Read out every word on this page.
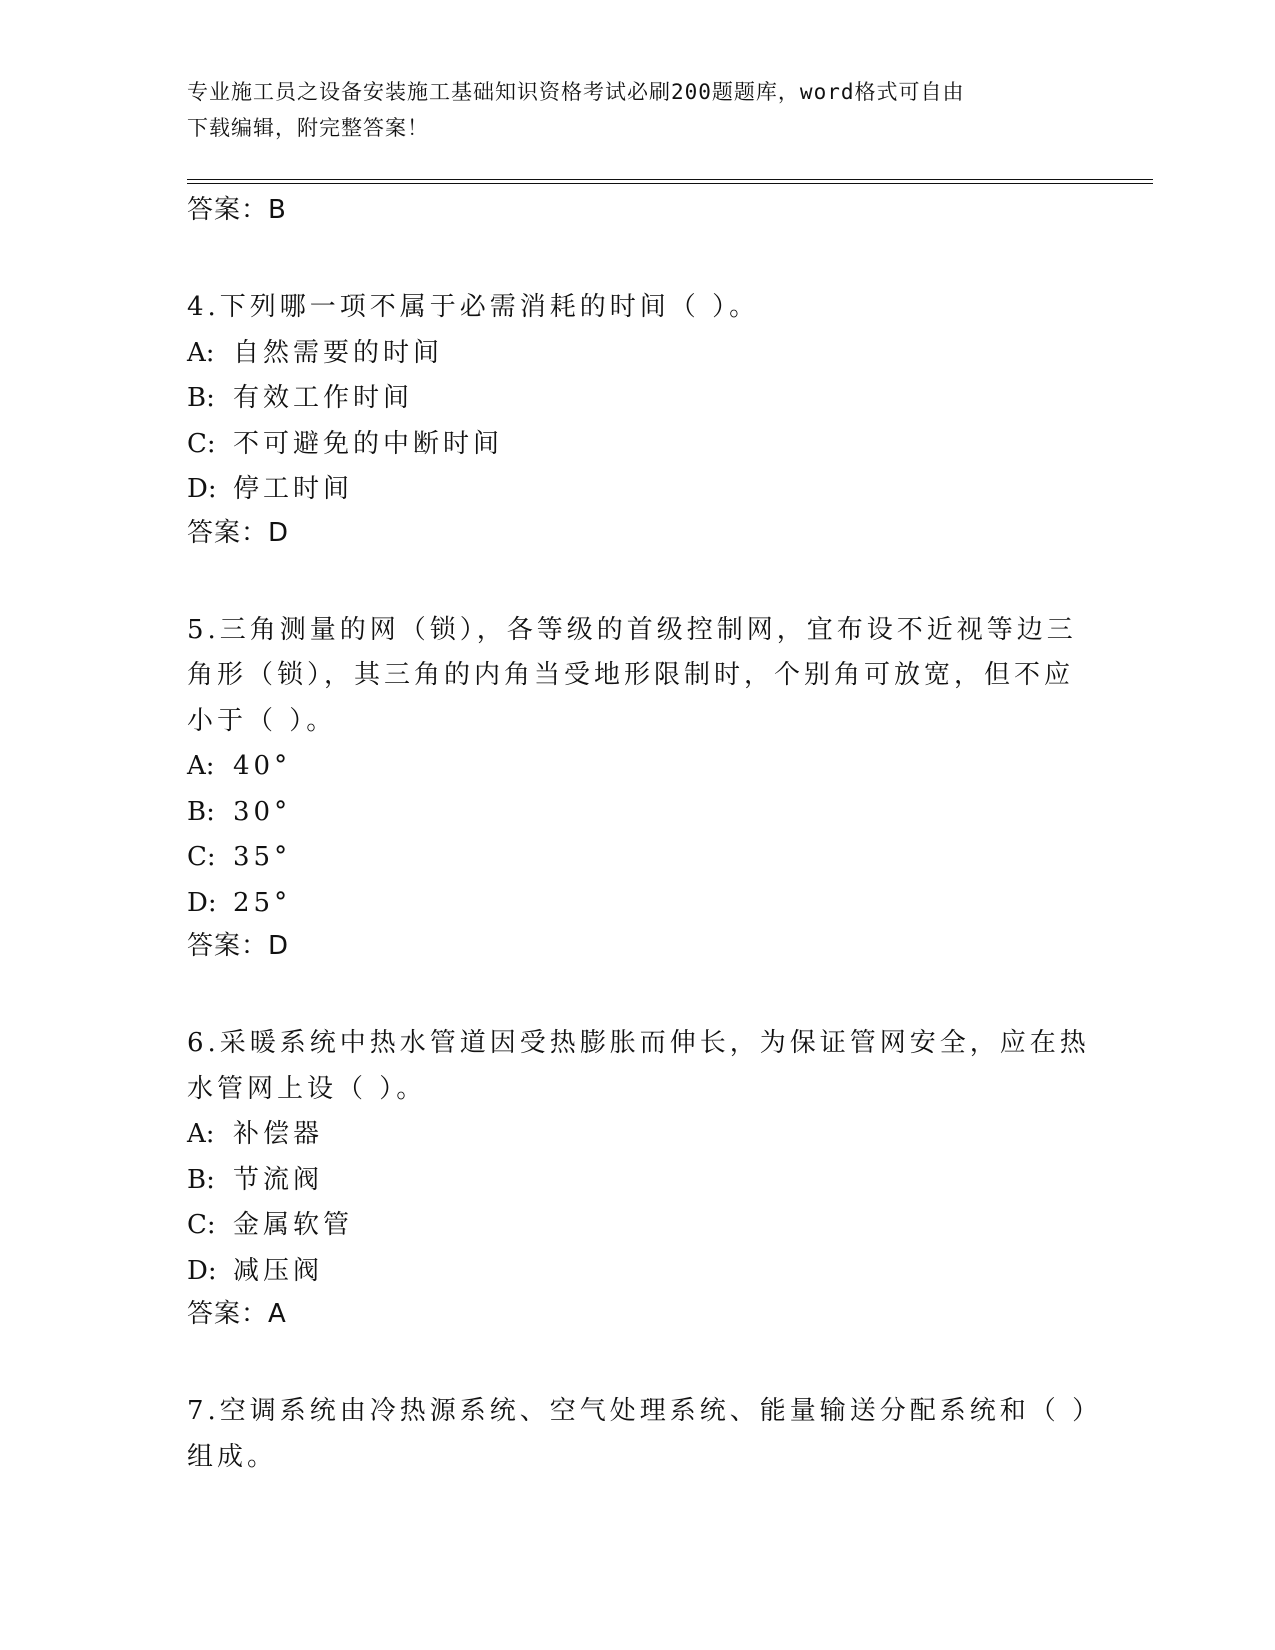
专业施工员之设备安装施工基础知识资格考试必刷200题题库，word格式可自由
下载编辑，附完整答案！
答案：B
4.下列哪一项不属于必需消耗的时间（ ）。
A: 自然需要的时间
B: 有效工作时间
C: 不可避免的中断时间
D: 停工时间
答案：D
5.三角测量的网（锁），各等级的首级控制网，宜布设不近视等边三
角形（锁），其三角的内角当受地形限制时，个别角可放宽，但不应
小于（ ）。
A: 40°
B: 30°
C: 35°
D: 25°
答案：D
6.采暖系统中热水管道因受热膨胀而伸长，为保证管网安全，应在热
水管网上设（ ）。
A: 补偿器
B: 节流阀
C: 金属软管
D: 减压阀
答案：A
7.空调系统由冷热源系统、空气处理系统、能量输送分配系统和（ ）
组成。
